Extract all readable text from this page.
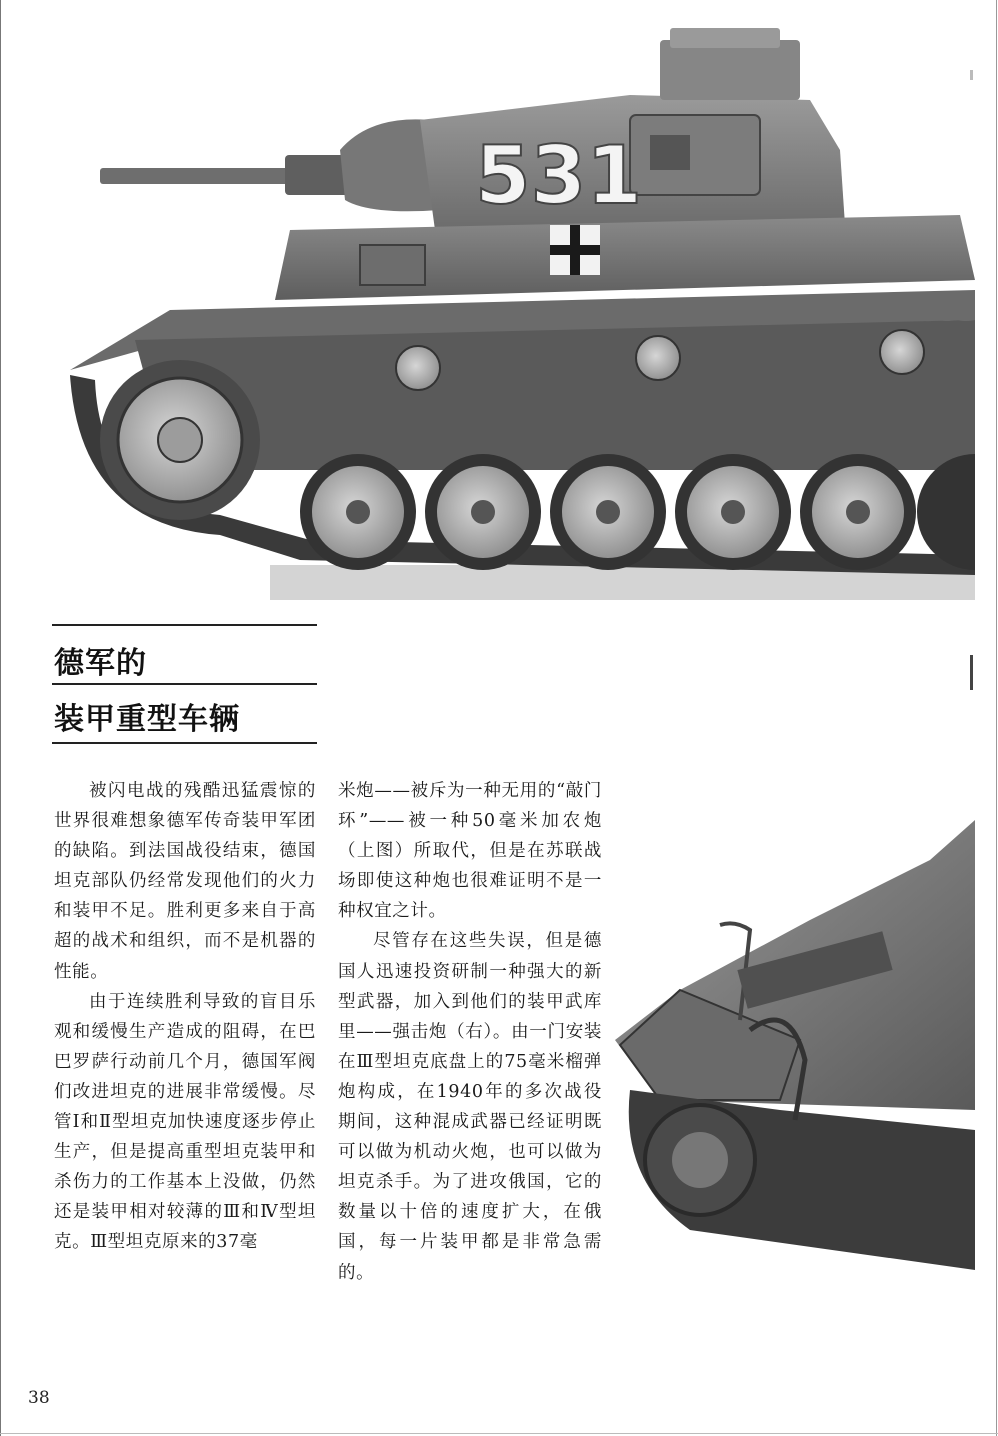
531
德军的
装甲重型车辆

被闪电战的残酷迅猛震惊的世界很难想象德军传奇装甲军团的缺陷。到法国战役结束，德国坦克部队仍经常发现他们的火力和装甲不足。胜利更多来自于高超的战术和组织，而不是机器的性能。

由于连续胜利导致的盲目乐观和缓慢生产造成的阻碍，在巴巴罗萨行动前几个月，德国军阀们改进坦克的进展非常缓慢。尽管Ⅰ和Ⅱ型坦克加快速度逐步停止生产，但是提高重型坦克装甲和杀伤力的工作基本上没做，仍然还是装甲相对较薄的Ⅲ和Ⅳ型坦克。Ⅲ型坦克原来的37毫

米炮——被斥为一种无用的“敲门环”——被一种50毫米加农炮（上图）所取代，但是在苏联战场即使这种炮也很难证明不是一种权宜之计。

尽管存在这些失误，但是德国人迅速投资研制一种强大的新型武器，加入到他们的装甲武库里——强击炮（右）。由一门安装在Ⅲ型坦克底盘上的75毫米榴弹炮构成，在1940年的多次战役期间，这种混成武器已经证明既可以做为机动火炮，也可以做为坦克杀手。为了进攻俄国，它的数量以十倍的速度扩大，在俄国，每一片装甲都是非常急需的。

38
